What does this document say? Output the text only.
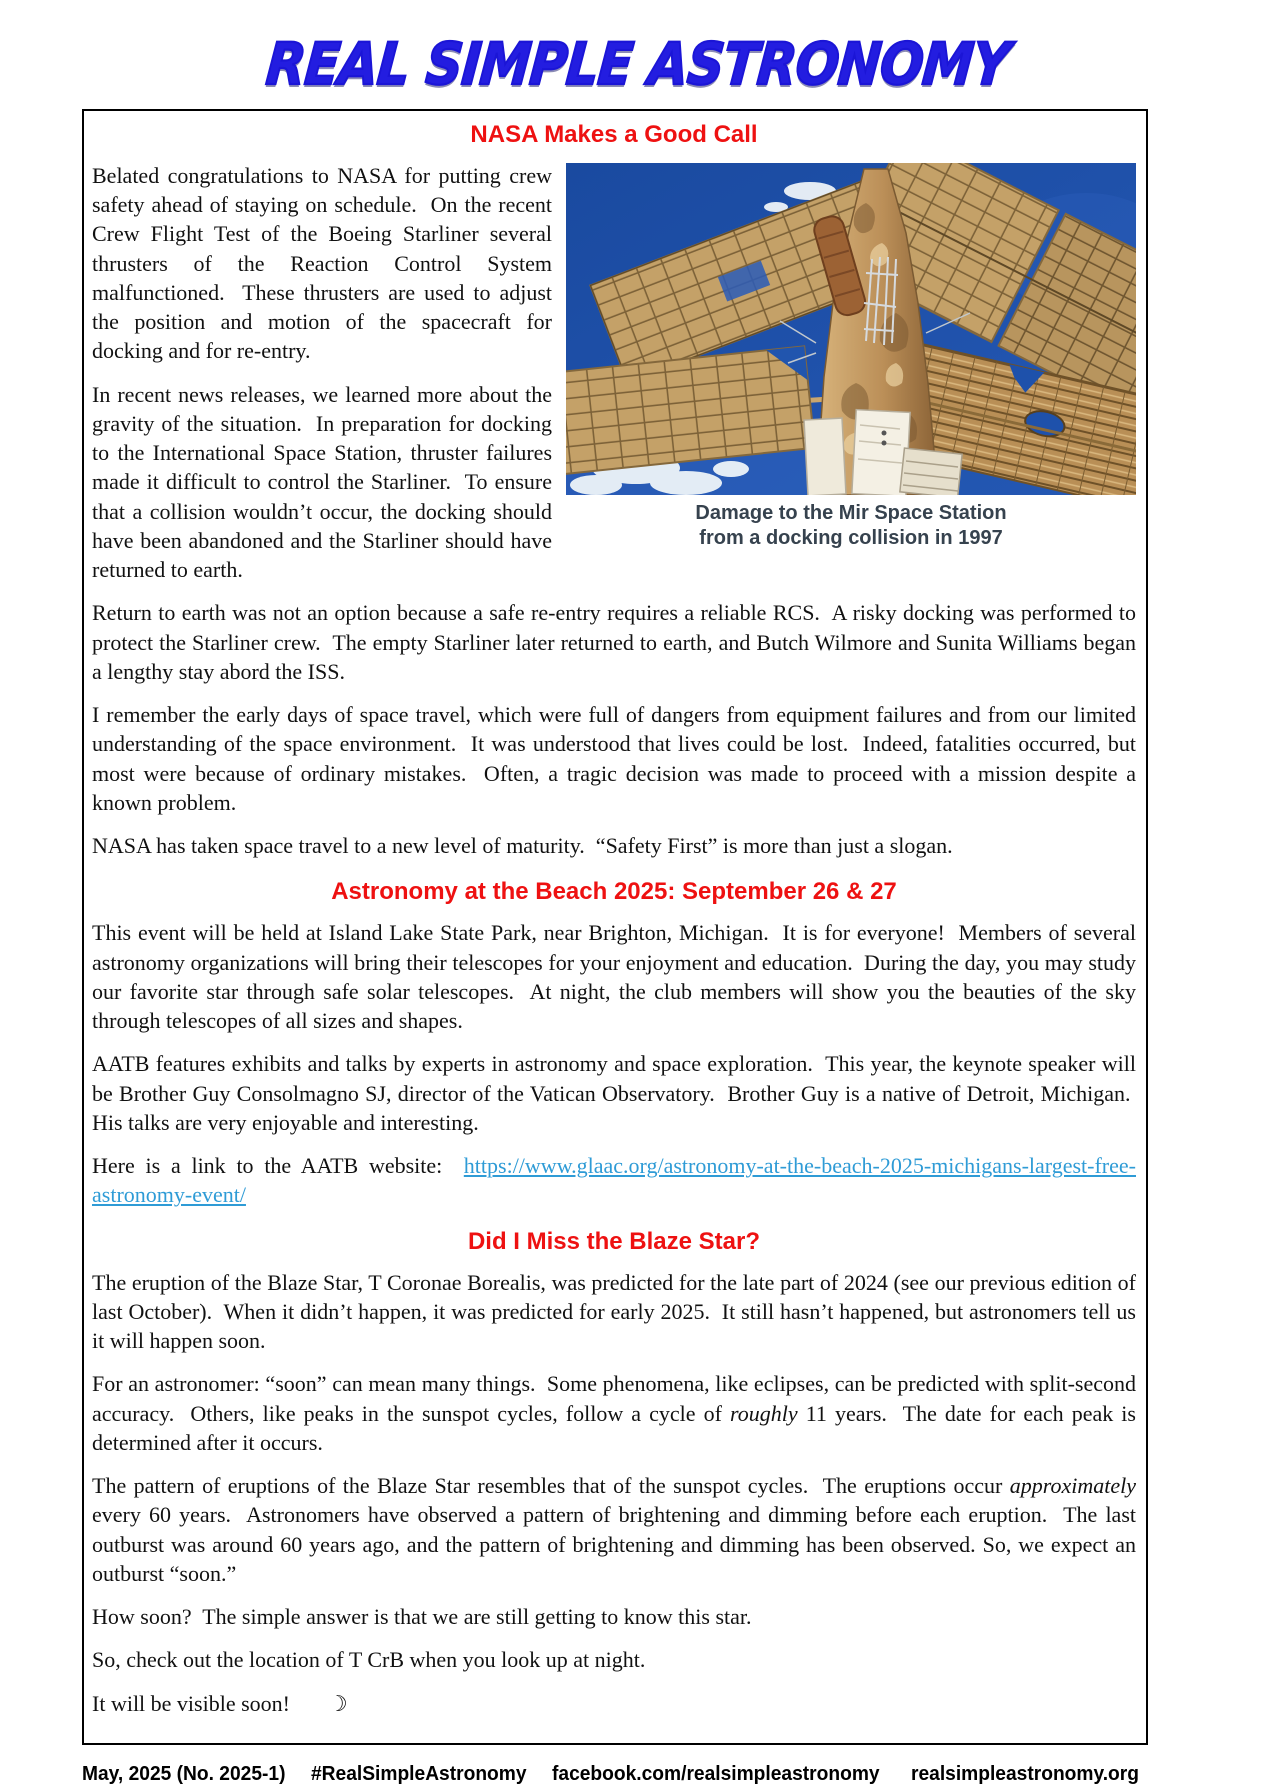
REAL SIMPLE ASTRONOMY
NASA Makes a Good Call
Damage to the Mir Space Station
from a docking collision in 1997

Belated congratulations to NASA for putting crew safety ahead of staying on schedule.  On the recent Crew Flight Test of the Boeing Starliner several thrusters of the Reaction Control System malfunctioned.  These thrusters are used to adjust the position and motion of the spacecraft for docking and for re-entry.

In recent news releases, we learned more about the gravity of the situation.  In preparation for docking to the International Space Station, thruster failures made it difficult to control the Starliner.  To ensure that a collision wouldn’t occur, the docking should have been abandoned and the Starliner should have returned to earth.

Return to earth was not an option because a safe re-entry requires a reliable RCS.  A risky docking was performed to protect the Starliner crew.  The empty Starliner later returned to earth, and Butch Wilmore and Sunita Williams began a lengthy stay abord the ISS.

I remember the early days of space travel, which were full of dangers from equipment failures and from our limited understanding of the space environment.  It was understood that lives could be lost.  Indeed, fatalities occurred, but most were because of ordinary mistakes.  Often, a tragic decision was made to proceed with a mission despite a known problem.

NASA has taken space travel to a new level of maturity.  “Safety First” is more than just a slogan.

Astronomy at the Beach 2025: September 26 & 27

This event will be held at Island Lake State Park, near Brighton, Michigan.  It is for everyone!  Members of several astronomy organizations will bring their telescopes for your enjoyment and education.  During the day, you may study our favorite star through safe solar telescopes.  At night, the club members will show you the beauties of the sky through telescopes of all sizes and shapes.

AATB features exhibits and talks by experts in astronomy and space exploration.  This year, the keynote speaker will be Brother Guy Consolmagno SJ, director of the Vatican Observatory.  Brother Guy is a native of Detroit, Michigan.  His talks are very enjoyable and interesting.

Here is a link to the AATB website:  https://www.glaac.org/astronomy-at-the-beach-2025-michigans-largest-free-astronomy-event/

Did I Miss the Blaze Star?

The eruption of the Blaze Star, T Coronae Borealis, was predicted for the late part of 2024 (see our previous edition of last October).  When it didn’t happen, it was predicted for early 2025.  It still hasn’t happened, but astronomers tell us it will happen soon.

For an astronomer: “soon” can mean many things.  Some phenomena, like eclipses, can be predicted with split-second accuracy.  Others, like peaks in the sunspot cycles, follow a cycle of roughly 11 years.  The date for each peak is determined after it occurs.

The pattern of eruptions of the Blaze Star resembles that of the sunspot cycles.  The eruptions occur approximately every 60 years.  Astronomers have observed a pattern of brightening and dimming before each eruption.  The last outburst was around 60 years ago, and the pattern of brightening and dimming has been observed. So, we expect an outburst “soon.”

How soon?  The simple answer is that we are still getting to know this star.

So, check out the location of T CrB when you look up at night.

It will be visible soon! ☽

May, 2025 (No. 2025-1) #RealSimpleAstronomy facebook.com/realsimpleastronomy realsimpleastronomy.org
